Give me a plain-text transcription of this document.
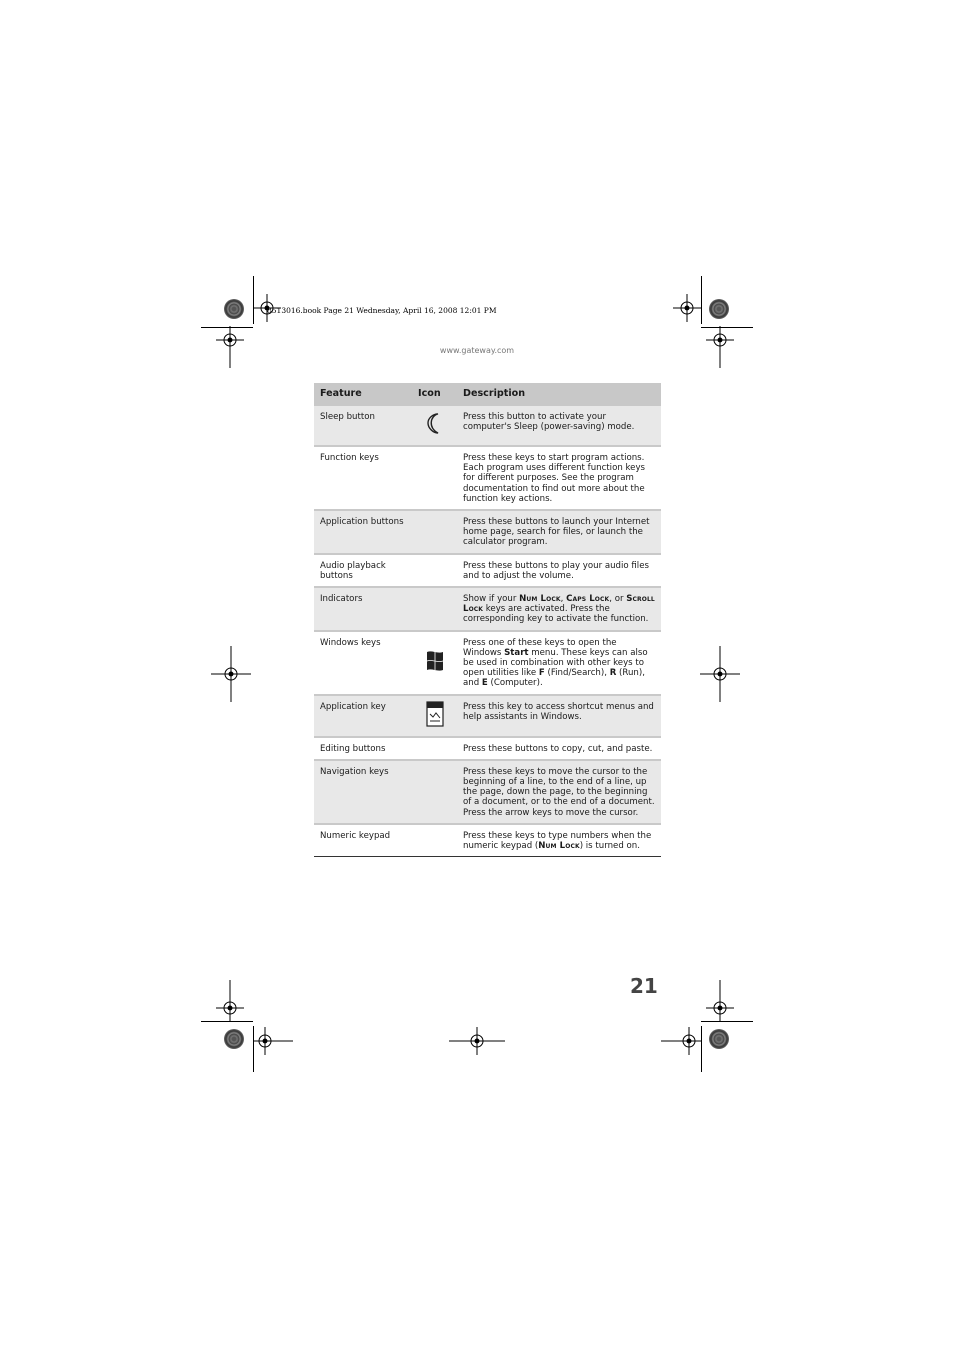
8513016.book Page 21 Wednesday, April 16, 2008 12:01 PM
www.gateway.com
Feature	Icon	Description
Sleep button		Press this button to activate your computer's Sleep (power-saving) mode.
Function keys		Press these keys to start program actions. Each program uses different function keys for different purposes. See the program documentation to find out more about the function key actions.
Application buttons		Press these buttons to launch your Internet home page, search for files, or launch the calculator program.
Audio playback buttons		Press these buttons to play your audio files and to adjust the volume.
Indicators		Show if your Num Lock, Caps Lock, or Scroll Lock keys are activated. Press the corresponding key to activate the function.
Windows keys		Press one of these keys to open the Windows Start menu. These keys can also be used in combination with other keys to open utilities like F (Find/Search), R (Run), and E (Computer).
Application key		Press this key to access shortcut menus and help assistants in Windows.
Editing buttons		Press these buttons to copy, cut, and paste.
Navigation keys		Press these keys to move the cursor to the beginning of a line, to the end of a line, up the page, down the page, to the beginning of a document, or to the end of a document. Press the arrow keys to move the cursor.
Numeric keypad		Press these keys to type numbers when the numeric keypad (Num Lock) is turned on.
21
